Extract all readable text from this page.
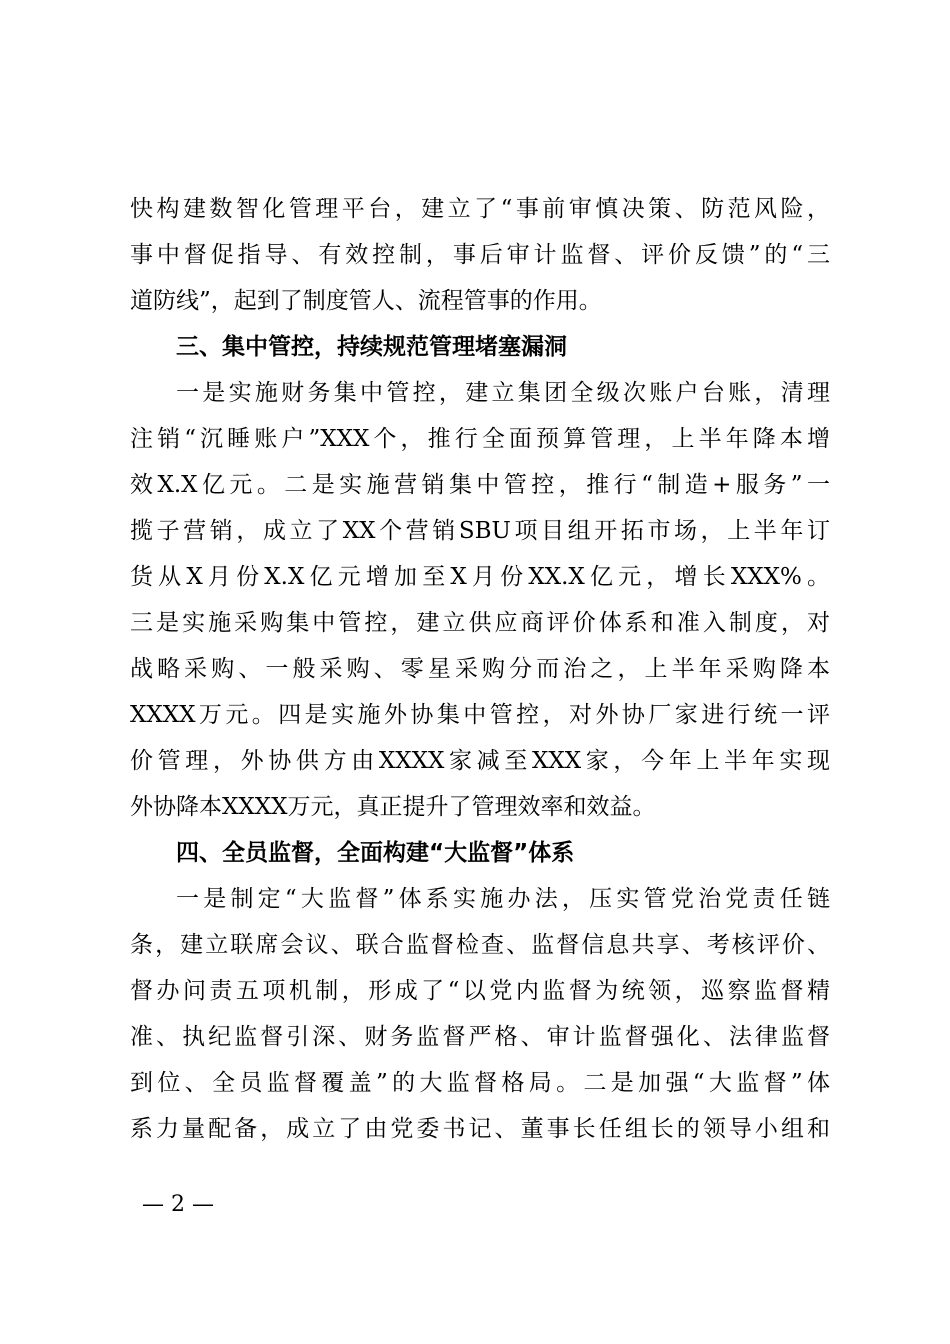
快构建数智化管理平台，建立了“事前审慎决策、防范风险，
事中督促指导、有效控制，事后审计监督、评价反馈”的“三
道防线”，起到了制度管人、流程管事的作用。
三、集中管控，持续规范管理堵塞漏洞
一是实施财务集中管控，建立集团全级次账户台账，清理
注销“沉睡账户”XXX个，推行全面预算管理，上半年降本增
效X.X亿元。二是实施营销集中管控，推行“制造+服务”一
揽子营销，成立了XX个营销SBU项目组开拓市场，上半年订
货从X月份X.X亿元增加至X月份XX.X亿元，增长XXX%。
三是实施采购集中管控，建立供应商评价体系和准入制度，对
战略采购、一般采购、零星采购分而治之，上半年采购降本
XXXX万元。四是实施外协集中管控，对外协厂家进行统一评
价管理，外协供方由XXXX家减至XXX家，今年上半年实现
外协降本XXXX万元，真正提升了管理效率和效益。
四、全员监督，全面构建“大监督”体系
一是制定“大监督”体系实施办法，压实管党治党责任链
条，建立联席会议、联合监督检查、监督信息共享、考核评价、
督办问责五项机制，形成了“以党内监督为统领，巡察监督精
准、执纪监督引深、财务监督严格、审计监督强化、法律监督
到位、全员监督覆盖”的大监督格局。二是加强“大监督”体
系力量配备，成立了由党委书记、董事长任组长的领导小组和
— 2 —
